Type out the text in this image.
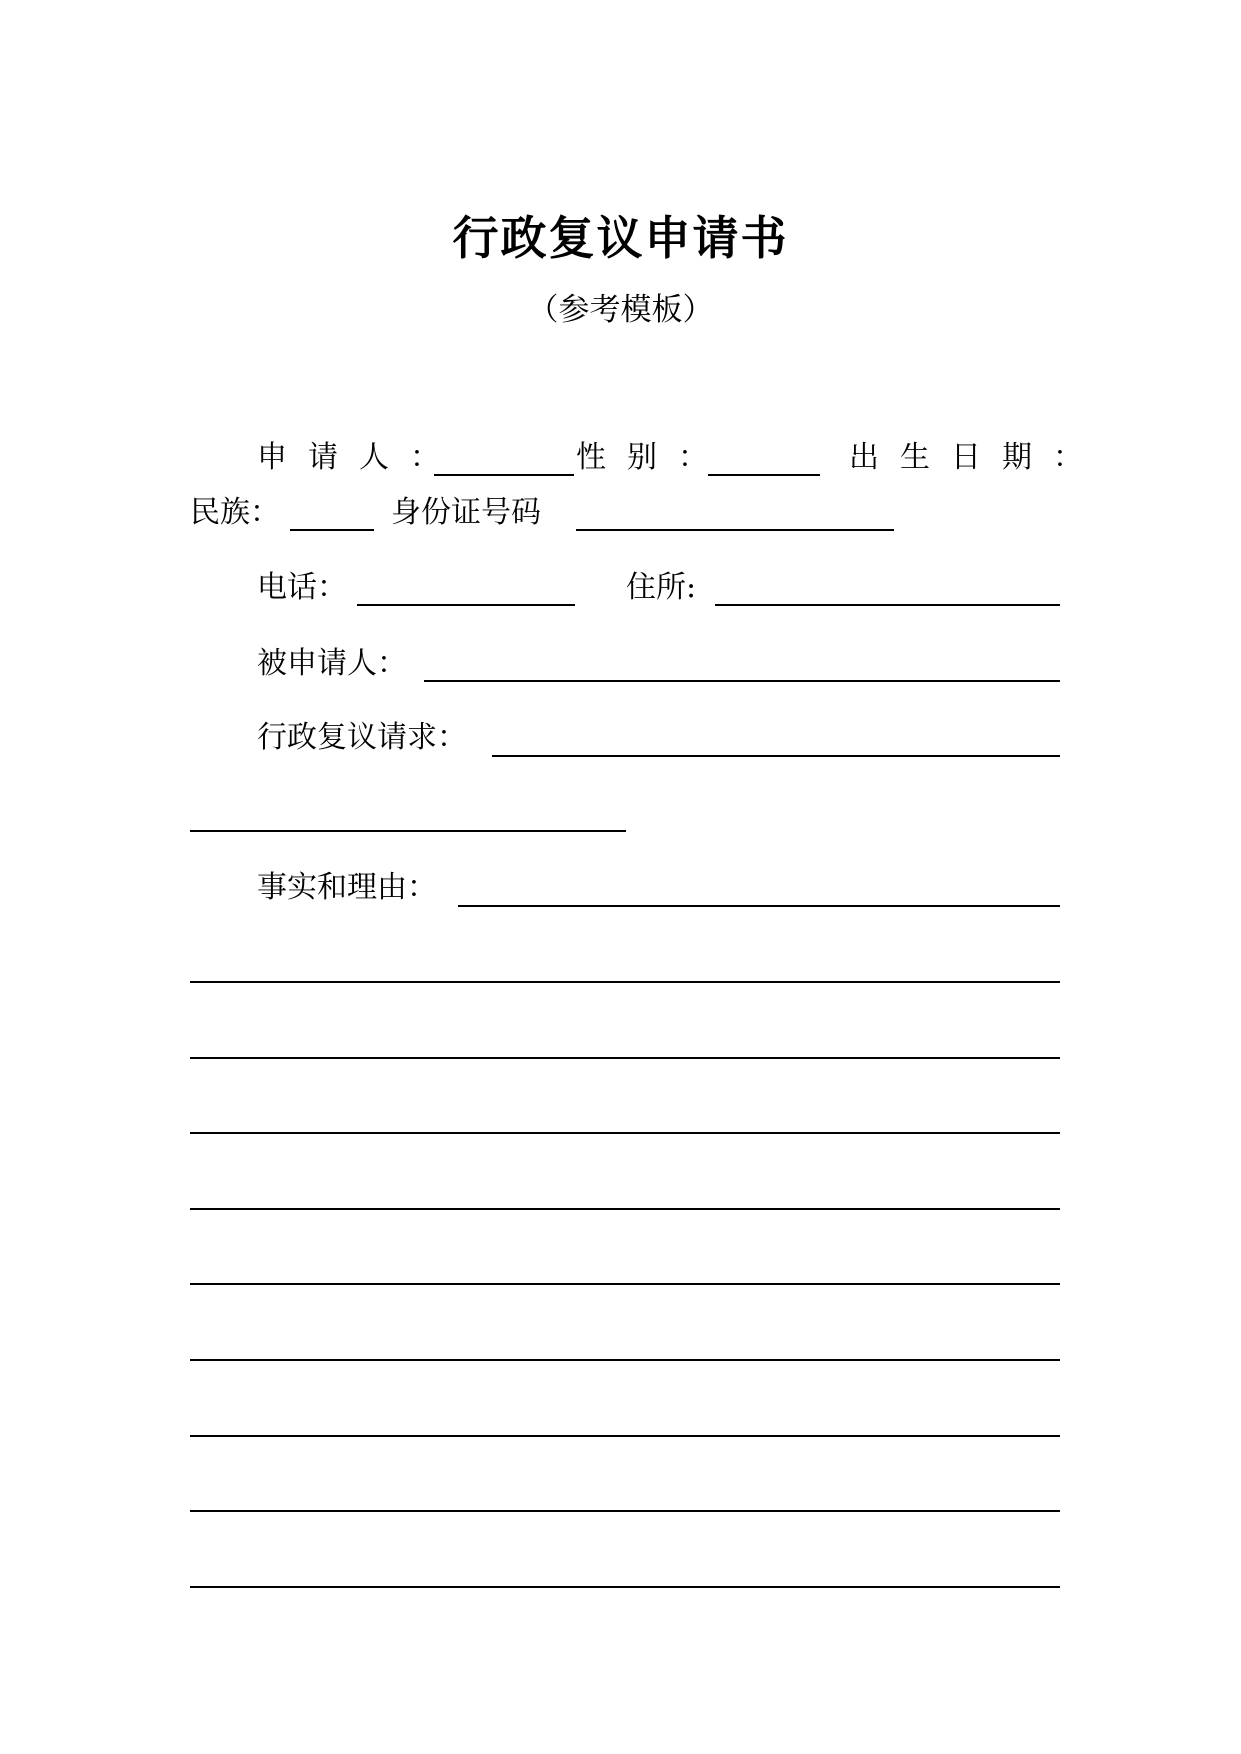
行政复议申请书
（参考模板）
申请人：	性别：	出生日期：
民族：	身份证号码
电话：	住所:
被申请人：
行政复议请求：
事实和理由：
